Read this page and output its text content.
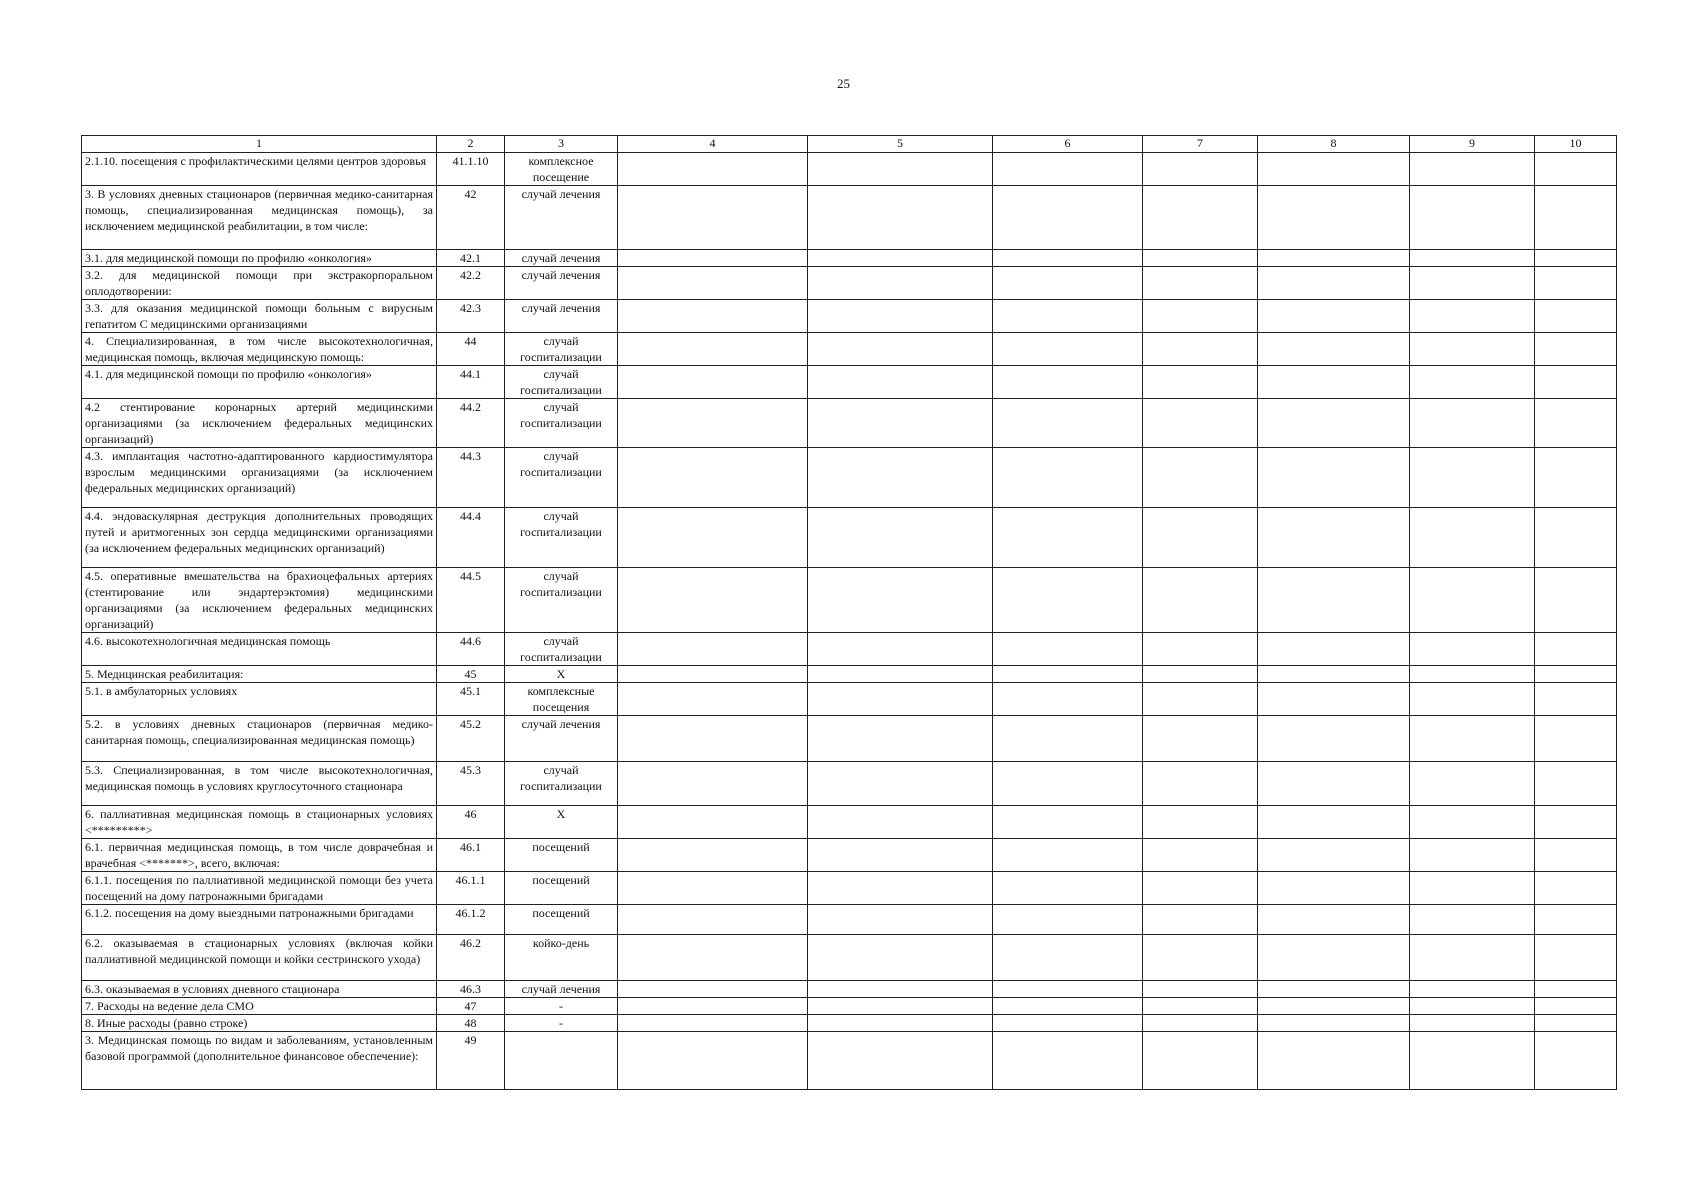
25
1	2	3	4	5	6	7	8	9	10
2.1.10. посещения с профилактическими целями центров здоровья	41.1.10	комплексное посещение							
3. В условиях дневных стационаров (первичная медико-санитарная помощь, специализированная медицинская помощь), за исключением медицинской реабилитации, в том числе:	42	случай лечения							
3.1. для медицинской помощи по профилю «онкология»	42.1	случай лечения							
3.2. для медицинской помощи при экстракорпоральном оплодотворении:	42.2	случай лечения							
3.3. для оказания медицинской помощи больным с вирусным гепатитом С медицинскими организациями	42.3	случай лечения							
4. Специализированная, в том числе высокотехнологичная, медицинская помощь, включая медицинскую помощь:	44	случай госпитализации							
4.1. для медицинской помощи по профилю «онкология»	44.1	случай госпитализации							
4.2 стентирование коронарных артерий медицинскими организациями (за исключением федеральных медицинских организаций)	44.2	случай госпитализации							
4.3. имплантация частотно-адаптированного кардиостимулятора взрослым медицинскими организациями (за исключением федеральных медицинских организаций)	44.3	случай госпитализации							
4.4. эндоваскулярная деструкция дополнительных проводящих путей и аритмогенных зон сердца медицинскими организациями (за исключением федеральных медицинских организаций)	44.4	случай госпитализации							
4.5. оперативные вмешательства на брахиоцефальных артериях (стентирование или эндартерэктомия) медицинскими организациями (за исключением федеральных медицинских организаций)	44.5	случай госпитализации							
4.6. высокотехнологичная медицинская помощь	44.6	случай госпитализации							
5. Медицинская реабилитация:	45	X							
5.1. в амбулаторных условиях	45.1	комплексные посещения							
5.2. в условиях дневных стационаров (первичная медико-санитарная помощь, специализированная медицинская помощь)	45.2	случай лечения							
5.3. Специализированная, в том числе высокотехнологичная, медицинская помощь в условиях круглосуточного стационара	45.3	случай госпитализации							
6. паллиативная медицинская помощь в стационарных условиях <*********>	46	X							
6.1. первичная медицинская помощь, в том числе доврачебная и врачебная <*******>, всего, включая:	46.1	посещений							
6.1.1. посещения по паллиативной медицинской помощи без учета посещений на дому патронажными бригадами	46.1.1	посещений							
6.1.2. посещения на дому выездными патронажными бригадами	46.1.2	посещений							
6.2. оказываемая в стационарных условиях (включая койки паллиативной медицинской помощи и койки сестринского ухода)	46.2	койко-день							
6.3. оказываемая в условиях дневного стационара	46.3	случай лечения							
7. Расходы на ведение дела СМО	47	-							
8. Иные расходы (равно строке)	48	-							
3. Медицинская помощь по видам и заболеваниям, установленным базовой программой (дополнительное финансовое обеспечение):	49								
